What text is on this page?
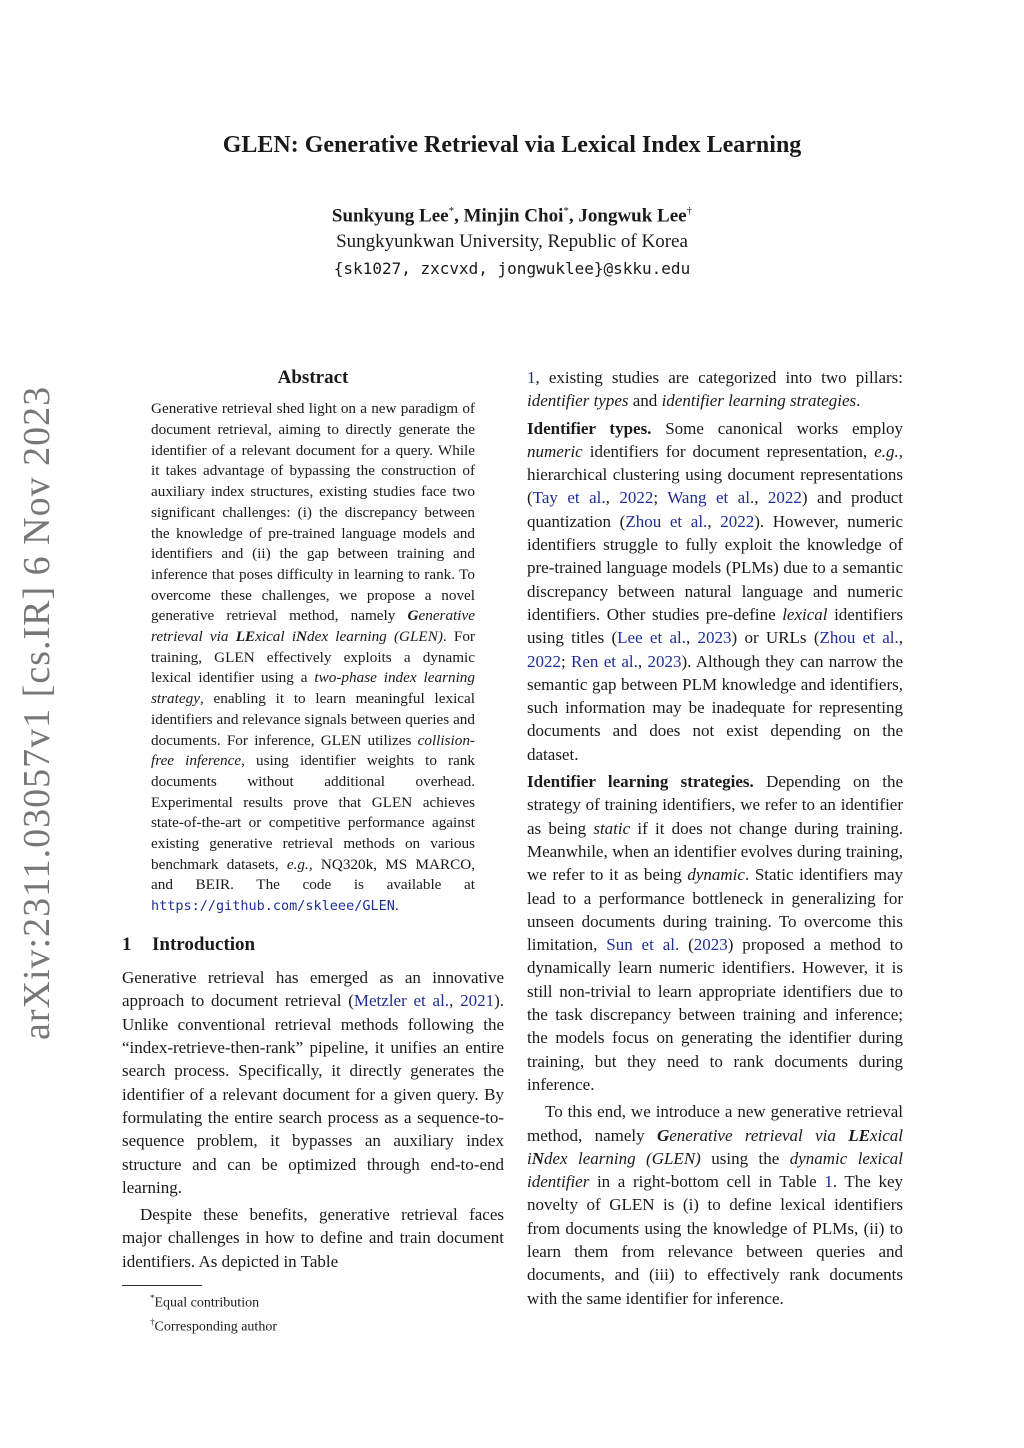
arXiv:2311.03057v1 [cs.IR] 6 Nov 2023
GLEN: Generative Retrieval via Lexical Index Learning
Sunkyung Lee*, Minjin Choi*, Jongwuk Lee†
Sungkyunkwan University, Republic of Korea
{sk1027, zxcvxd, jongwuklee}@skku.edu
Abstract

Generative retrieval shed light on a new paradigm of document retrieval, aiming to directly generate the identifier of a relevant document for a query. While it takes advantage of bypassing the construction of auxiliary index structures, existing studies face two significant challenges: (i) the discrepancy between the knowledge of pre-trained language models and identifiers and (ii) the gap between training and inference that poses difficulty in learning to rank. To overcome these challenges, we propose a novel generative retrieval method, namely Generative retrieval via LExical iNdex learning (GLEN). For training, GLEN effectively exploits a dynamic lexical identifier using a two-phase index learning strategy, enabling it to learn meaningful lexical identifiers and relevance signals between queries and documents. For inference, GLEN utilizes collision-free inference, using identifier weights to rank documents without additional overhead. Experimental results prove that GLEN achieves state-of-the-art or competitive performance against existing generative retrieval methods on various benchmark datasets, e.g., NQ320k, MS MARCO, and BEIR. The code is available at https://github.com/skleee/GLEN.

1 Introduction

Generative retrieval has emerged as an innovative approach to document retrieval (Metzler et al., 2021). Unlike conventional retrieval methods following the “index-retrieve-then-rank” pipeline, it unifies an entire search process. Specifically, it directly generates the identifier of a relevant document for a given query. By formulating the entire search process as a sequence-to-sequence problem, it bypasses an auxiliary index structure and can be optimized through end-to-end learning.

Despite these benefits, generative retrieval faces major challenges in how to define and train document identifiers. As depicted in Table

*Equal contribution
†Corresponding author

1, existing studies are categorized into two pillars: identifier types and identifier learning strategies.

Identifier types. Some canonical works employ numeric identifiers for document representation, e.g., hierarchical clustering using document representations (Tay et al., 2022; Wang et al., 2022) and product quantization (Zhou et al., 2022). However, numeric identifiers struggle to fully exploit the knowledge of pre-trained language models (PLMs) due to a semantic discrepancy between natural language and numeric identifiers. Other studies pre-define lexical identifiers using titles (Lee et al., 2023) or URLs (Zhou et al., 2022; Ren et al., 2023). Although they can narrow the semantic gap between PLM knowledge and identifiers, such information may be inadequate for representing documents and does not exist depending on the dataset.

Identifier learning strategies. Depending on the strategy of training identifiers, we refer to an identifier as being static if it does not change during training. Meanwhile, when an identifier evolves during training, we refer to it as being dynamic. Static identifiers may lead to a performance bottleneck in generalizing for unseen documents during training. To overcome this limitation, Sun et al. (2023) proposed a method to dynamically learn numeric identifiers. However, it is still non-trivial to learn appropriate identifiers due to the task discrepancy between training and inference; the models focus on generating the identifier during training, but they need to rank documents during inference.

To this end, we introduce a new generative retrieval method, namely Generative retrieval via LExical iNdex learning (GLEN) using the dynamic lexical identifier in a right-bottom cell in Table 1. The key novelty of GLEN is (i) to define lexical identifiers from documents using the knowledge of PLMs, (ii) to learn them from relevance between queries and documents, and (iii) to effectively rank documents with the same identifier for inference.
